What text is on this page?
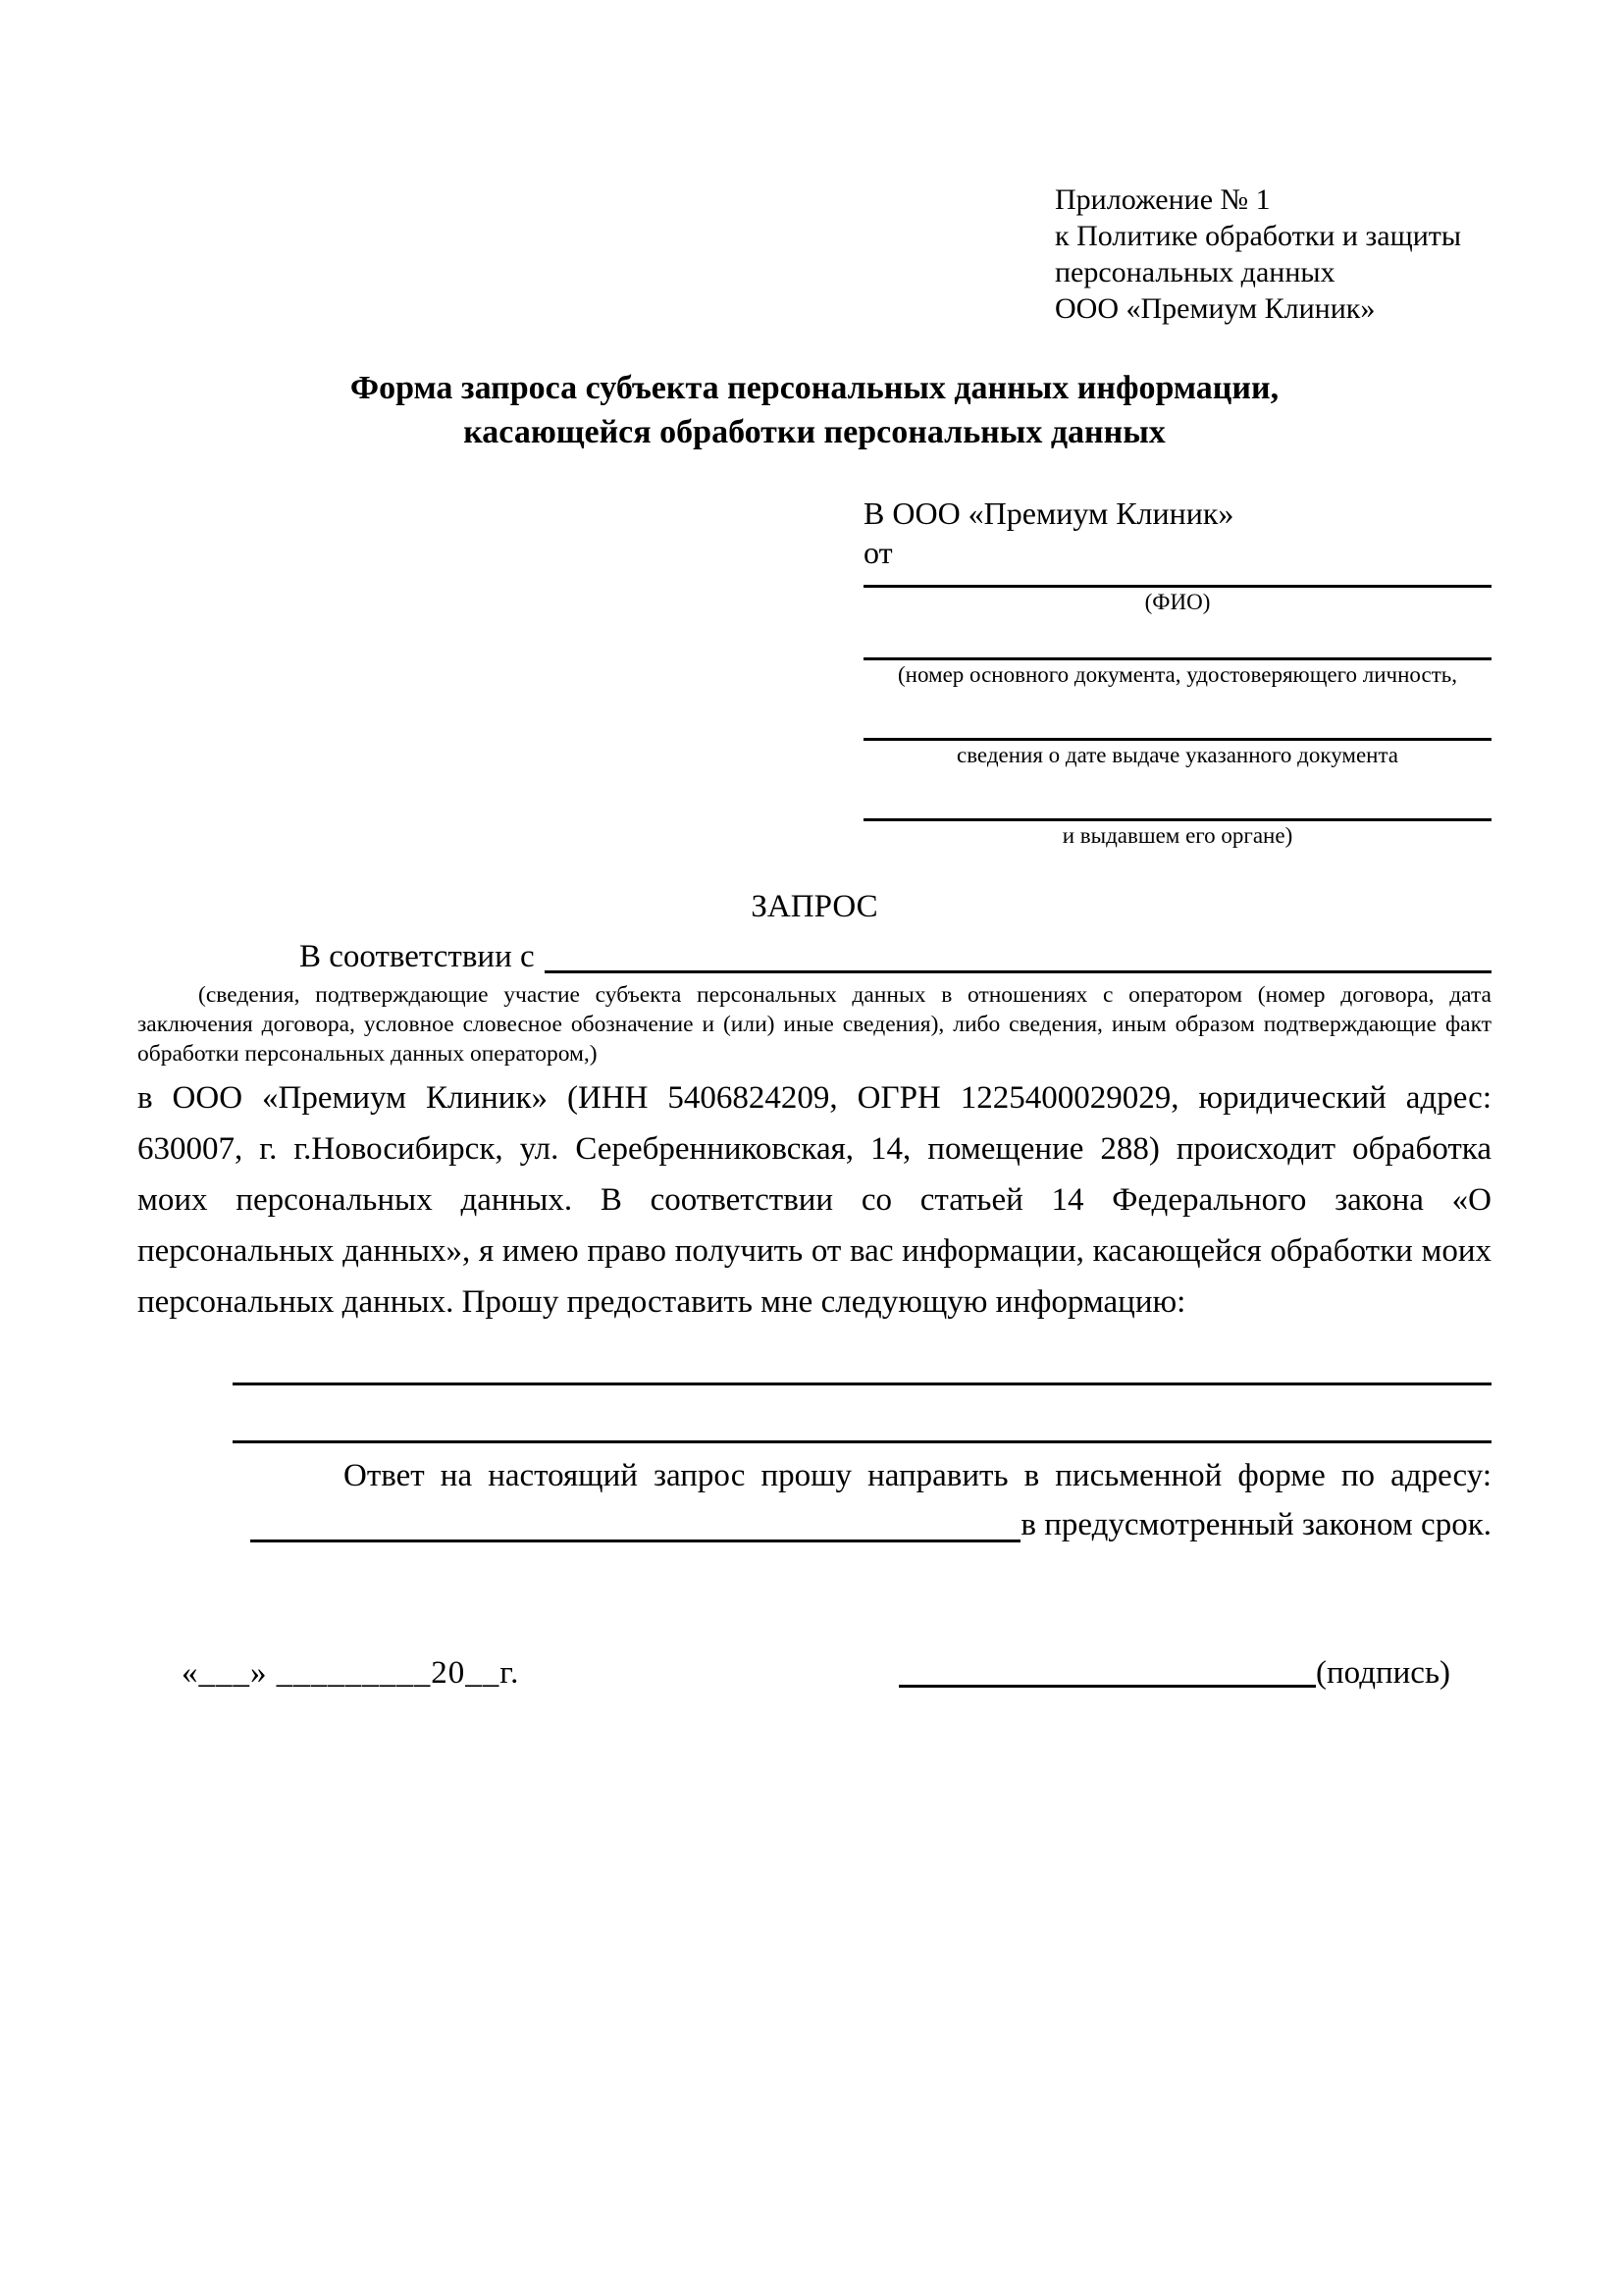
Приложение № 1
к Политике обработки и защиты
персональных данных
ООО «Премиум Клиник»
Форма запроса субъекта персональных данных информации,
касающейся обработки персональных данных
В ООО «Премиум Клиник»
от
(ФИО)
(номер основного документа, удостоверяющего личность,
сведения о дате выдаче указанного документа
и выдавшем его органе)
ЗАПРОС
В соответствии с
(сведения, подтверждающие участие субъекта персональных данных в отношениях с оператором (номер договора, дата заключения договора, условное словесное обозначение и (или) иные сведения), либо сведения, иным образом подтверждающие факт обработки персональных данных оператором,)
в ООО «Премиум Клиник» (ИНН 5406824209, ОГРН 1225400029029, юридический адрес: 630007, г. г.Новосибирск, ул. Серебренниковская, 14, помещение 288) происходит обработка моих персональных данных. В соответствии со статьей 14 Федерального закона «О персональных данных», я имею право получить от вас информации, касающейся обработки моих персональных данных. Прошу предоставить мне следующую информацию:
Ответ на настоящий запрос прошу направить в письменной форме по адресу:
в предусмотренный законом срок.
«___» _________20__г.	(подпись)
